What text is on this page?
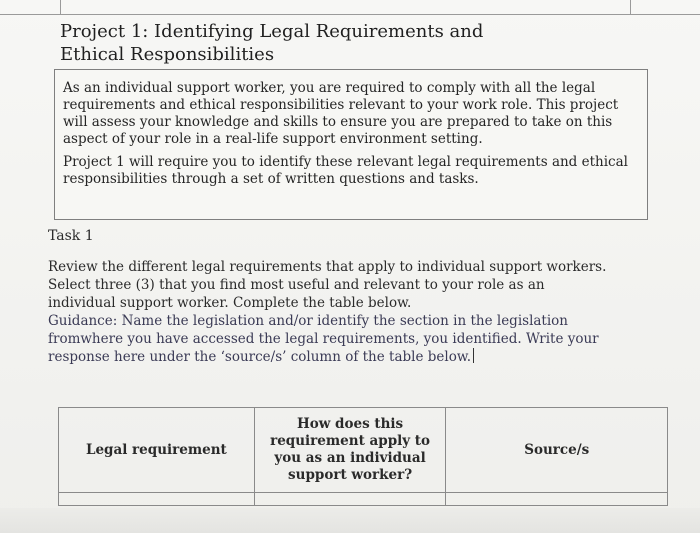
Project 1: Identifying Legal Requirements and Ethical Responsibilities

As an individual support worker, you are required to comply with all the legal requirements and ethical responsibilities relevant to your work role. This project will assess your knowledge and skills to ensure you are prepared to take on this aspect of your role in a real-life support environment setting.

Project 1 will require you to identify these relevant legal requirements and ethical responsibilities through a set of written questions and tasks.

Task 1

Review the different legal requirements that apply to individual support workers. Select three (3) that you find most useful and relevant to your role as an individual support worker. Complete the table below.

Guidance: Name the legislation and/or identify the section in the legislation fromwhere you have accessed the legal requirements, you identified. Write your response here under the ‘source/s’ column of the table below.

Legal requirement	How does this requirement apply to you as an individual support worker?	Source/s
